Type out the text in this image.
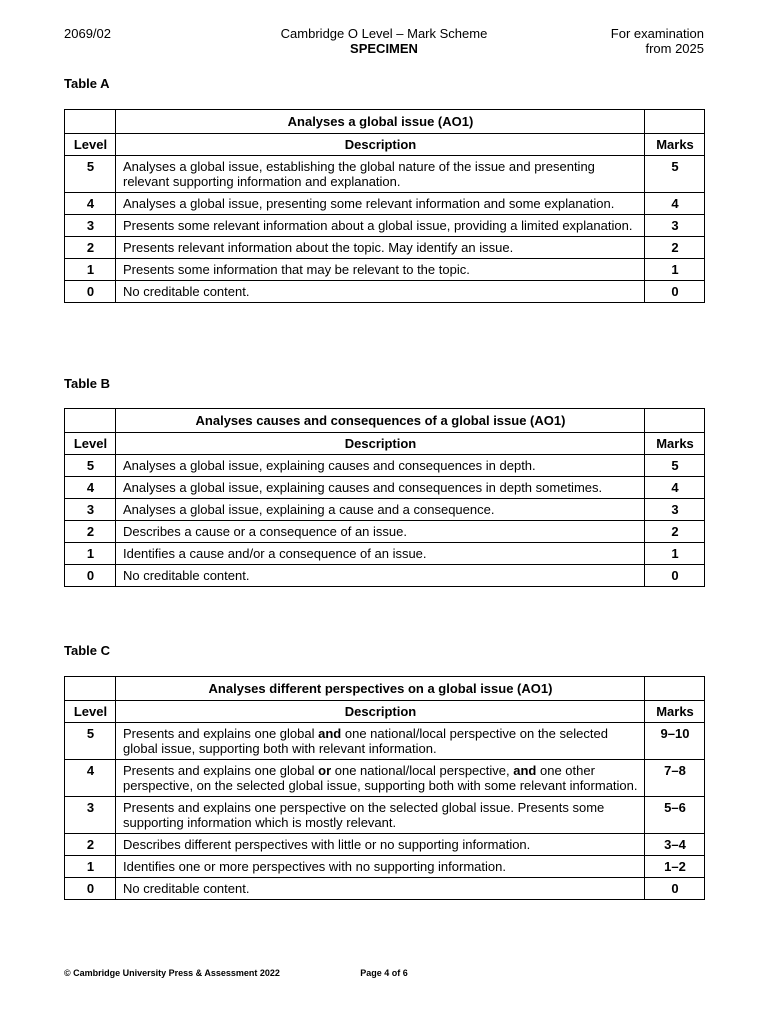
2069/02	Cambridge O Level – Mark Scheme
SPECIMEN
For examination
from 2025
Table A
	Analyses a global issue (AO1)	
Level	Description	Marks
5	Analyses a global issue, establishing the global nature of the issue and presenting relevant supporting information and explanation.	5
4	Analyses a global issue, presenting some relevant information and some explanation.	4
3	Presents some relevant information about a global issue, providing a limited explanation.	3
2	Presents relevant information about the topic. May identify an issue.	2
1	Presents some information that may be relevant to the topic.	1
0	No creditable content.	0
Table B
	Analyses causes and consequences of a global issue (AO1)	
Level	Description	Marks
5	Analyses a global issue, explaining causes and consequences in depth.	5
4	Analyses a global issue, explaining causes and consequences in depth sometimes.	4
3	Analyses a global issue, explaining a cause and a consequence.	3
2	Describes a cause or a consequence of an issue.	2
1	Identifies a cause and/or a consequence of an issue.	1
0	No creditable content.	0
Table C
	Analyses different perspectives on a global issue (AO1)	
Level	Description	Marks
5	Presents and explains one global and one national/local perspective on the selected global issue, supporting both with relevant information.	9–10
4	Presents and explains one global or one national/local perspective, and one other perspective, on the selected global issue, supporting both with some relevant information.	7–8
3	Presents and explains one perspective on the selected global issue. Presents some supporting information which is mostly relevant.	5–6
2	Describes different perspectives with little or no supporting information.	3–4
1	Identifies one or more perspectives with no supporting information.	1–2
0	No creditable content.	0
© Cambridge University Press & Assessment 2022	Page 4 of 6
